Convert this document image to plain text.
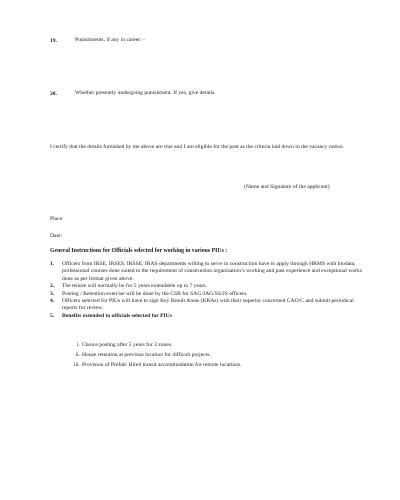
19.	Punishments, if any in career: -
20.	Whether presently undergoing punishment. If yes, give details.
I certify that the details furnished by me above are true and I am eligible for the post as the criteria laid down in the vacancy notice.
(Name and Signature of the applicant)
Place:
Date:
General Instructions for Officials selected for working in various PIUs :
1. Officers from IRSE, IRSES, IRSSE, IRAS departments willing to serve in construction have to apply through HRMS with biodata, professional courses done suited to the requirement of construction organisation’s working and past experience and exceptional works done as per format given above.
2. The tenure will normally be for 5 years extendable up to 7 years.
3. Posting / Retention exercise will be done by the CSB for SAG/JAG/SS/JS officers.
4. Officers selected for PIUs will have to sign Key Result Areas (KRAs) with their superior concerned CAO/C and submit periodical reports for review.
5. Benefits extended to officials selected for PIUs
i. Choice posting after 5 years for 3 zones.
ii. House retention at previous location for difficult projects.
iii. Provision of Prefab/ Hired transit accommodation for remote locations.
